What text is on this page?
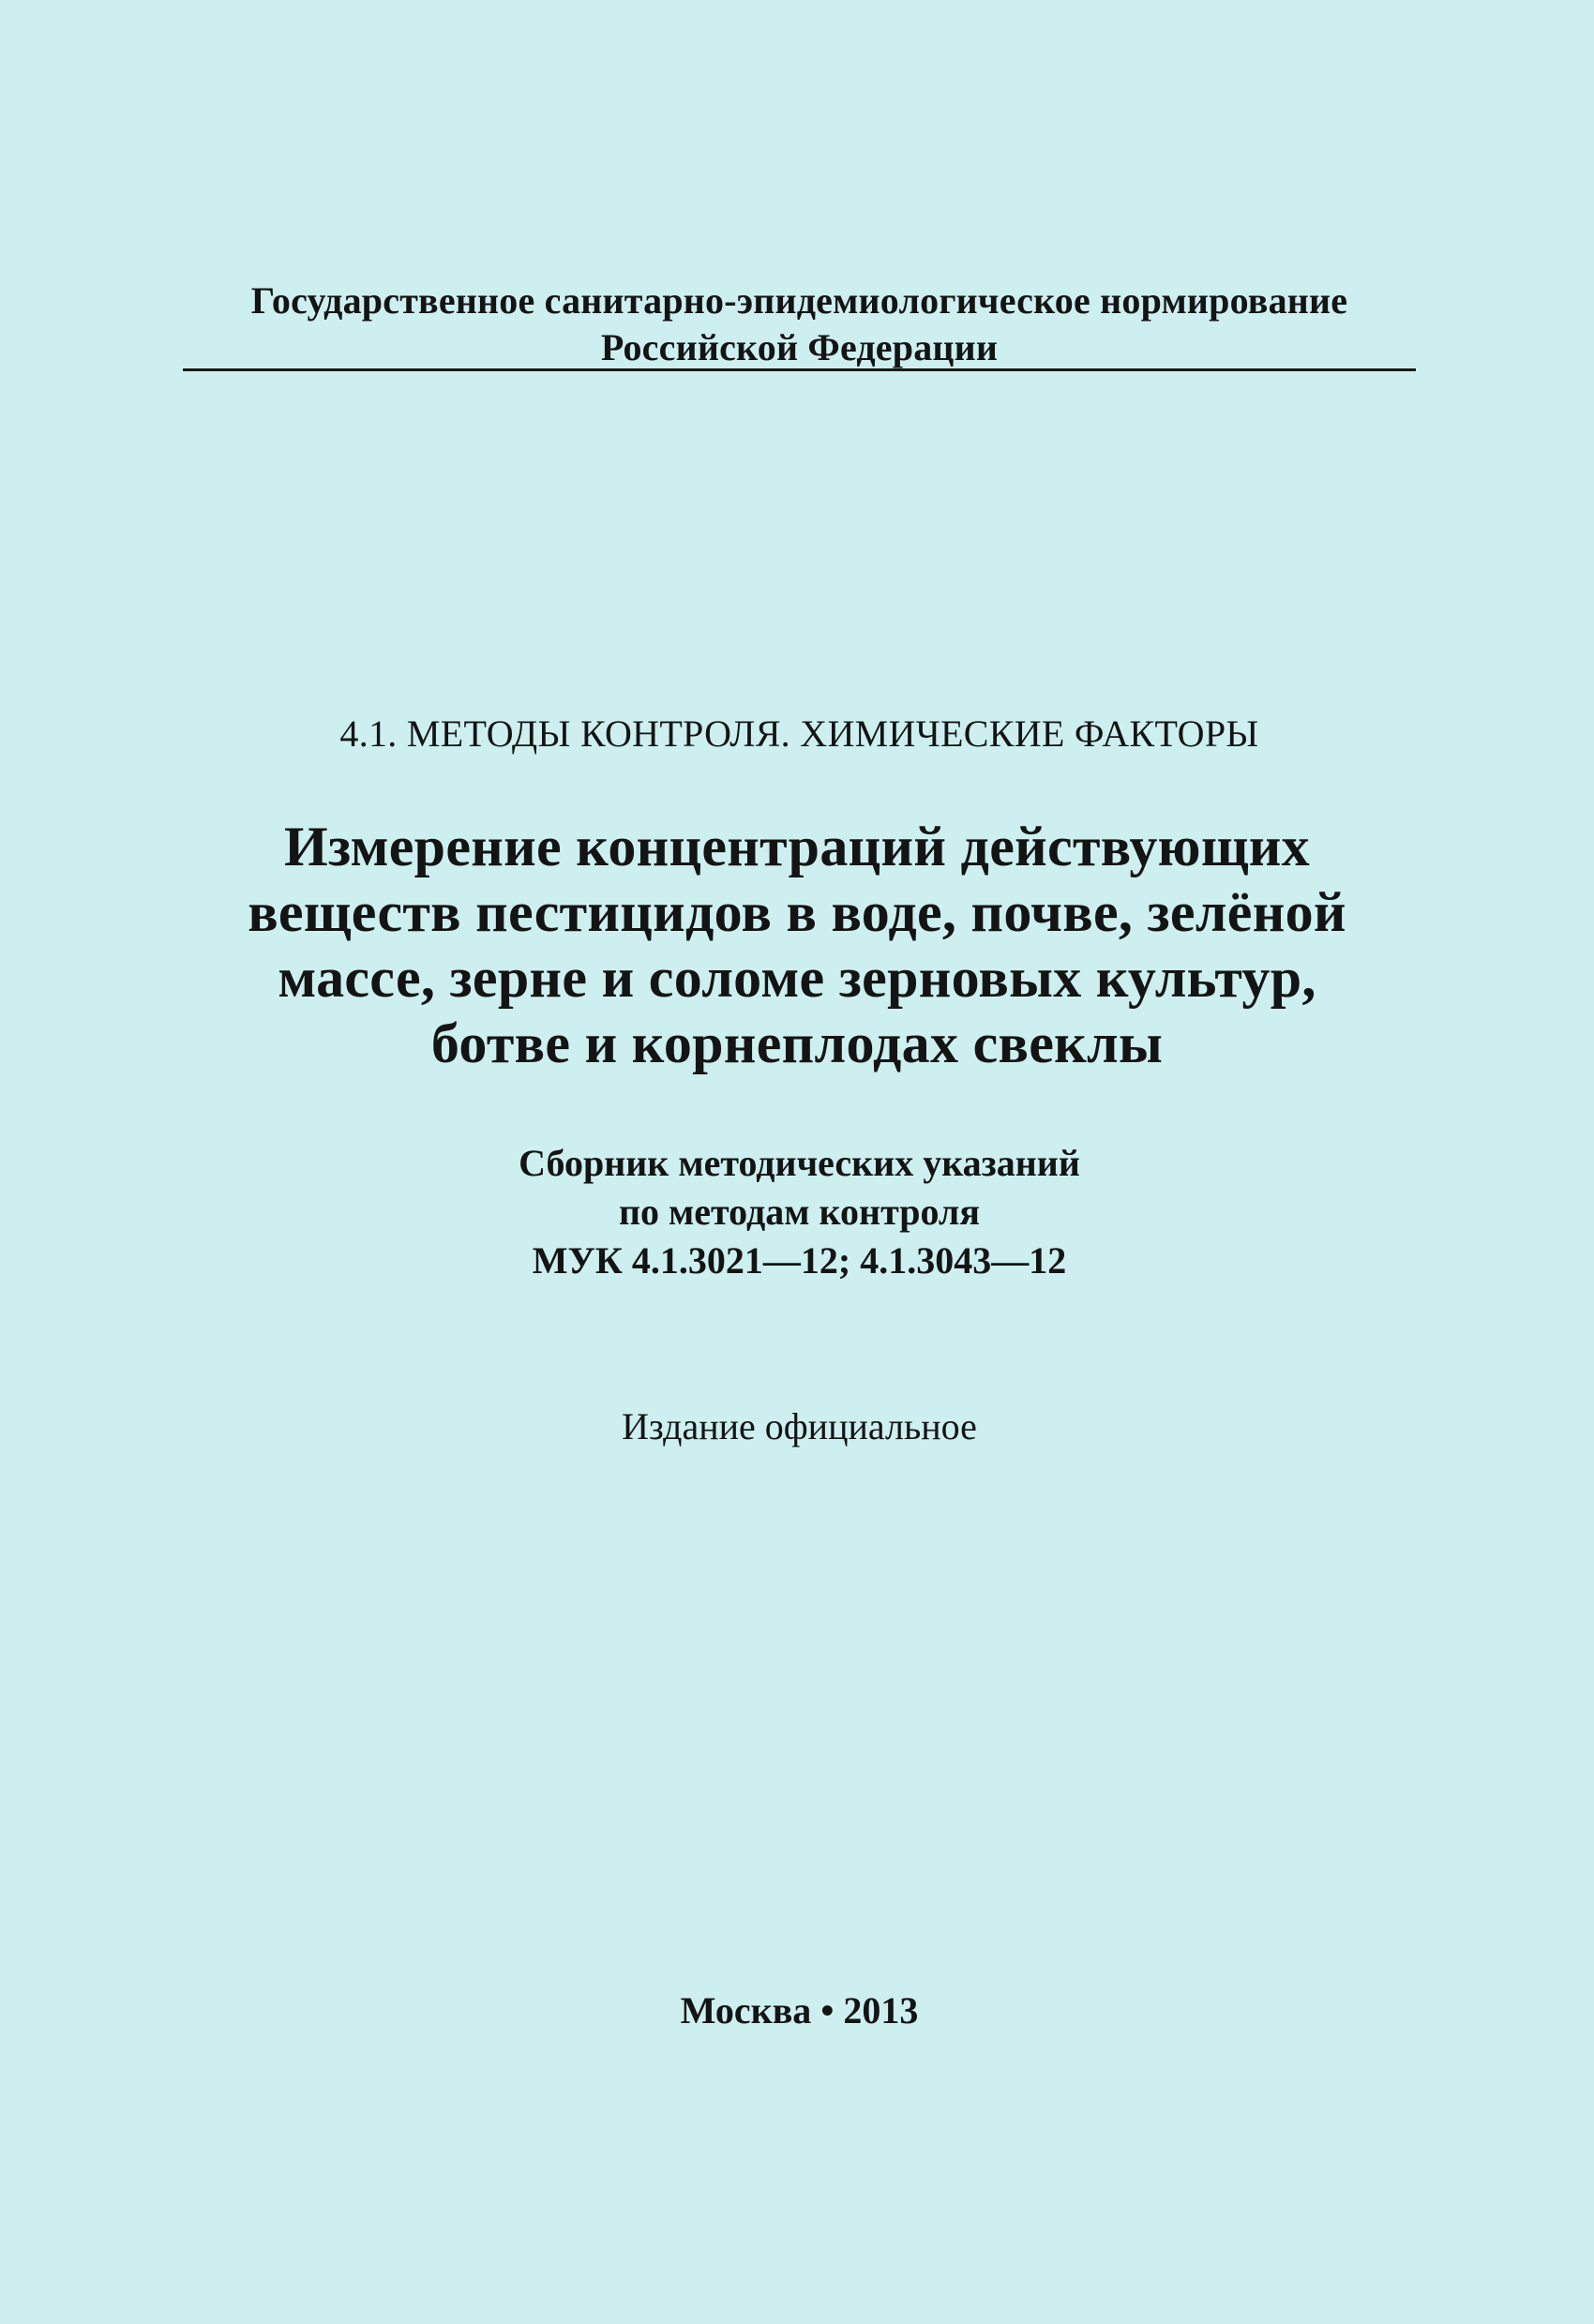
Государственное санитарно-эпидемиологическое нормирование
Российской Федерации
4.1. МЕТОДЫ КОНТРОЛЯ. ХИМИЧЕСКИЕ ФАКТОРЫ
Измерение концентраций действующих
веществ пестицидов в воде, почве, зелёной
массе, зерне и соломе зерновых культур,
ботве и корнеплодах свеклы
Сборник методических указаний
по методам контроля
МУК 4.1.3021—12; 4.1.3043—12
Издание официальное
Москва • 2013
